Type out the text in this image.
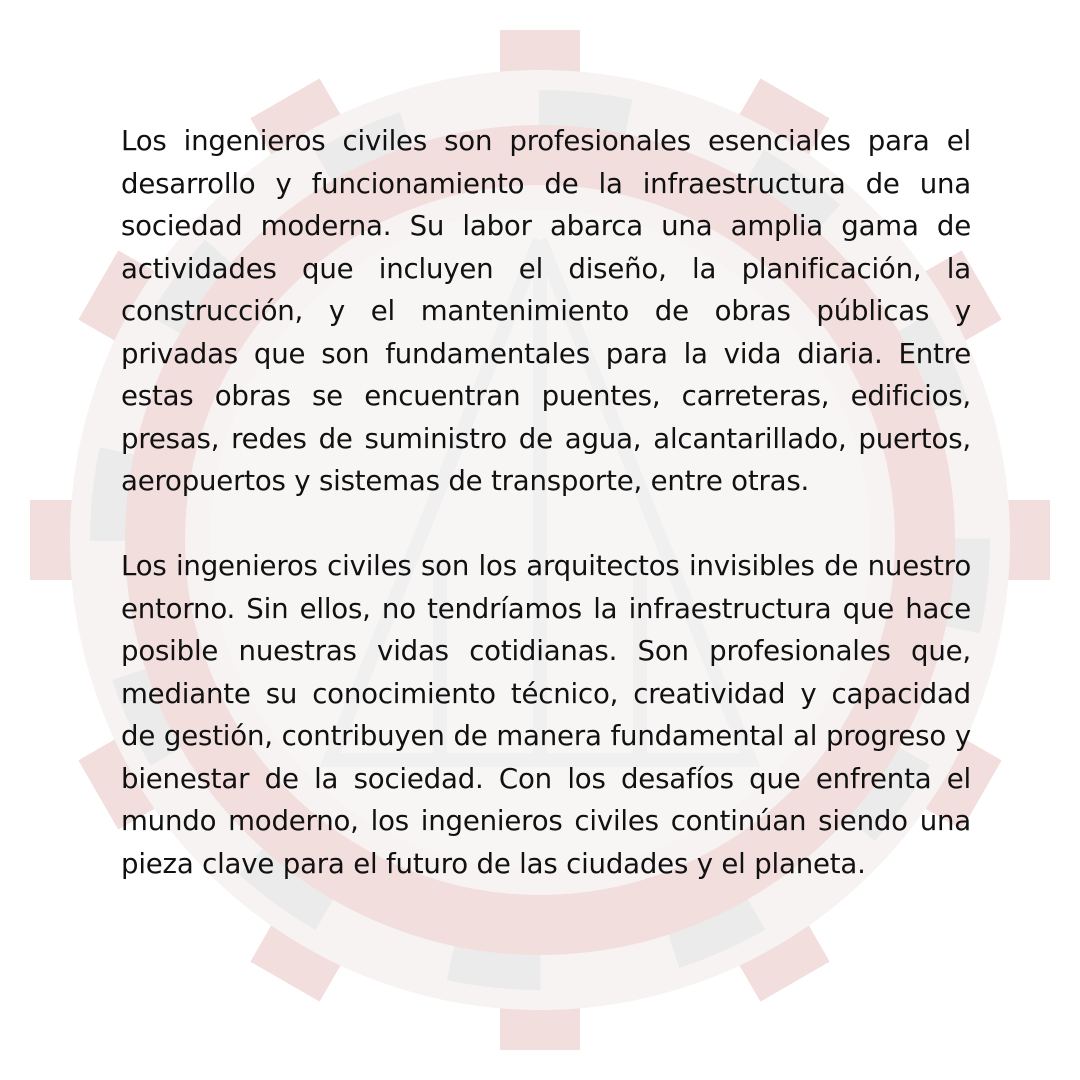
Los ingenieros civiles son profesionales esenciales para el desarrollo y funcionamiento de la infraestructura de una sociedad moderna. Su labor abarca una amplia gama de actividades que incluyen el diseño, la planificación, la construcción, y el mantenimiento de obras públicas y privadas que son fundamentales para la vida diaria. Entre estas obras se encuentran puentes, carreteras, edificios, presas, redes de suministro de agua, alcantarillado, puertos, aeropuertos y sistemas de transporte, entre otras.

Los ingenieros civiles son los arquitectos invisibles de nuestro entorno. Sin ellos, no tendríamos la infraestructura que hace posible nuestras vidas cotidianas. Son profesionales que, mediante su conocimiento técnico, creatividad y capacidad de gestión, contribuyen de manera fundamental al progreso y bienestar de la sociedad. Con los desafíos que enfrenta el mundo moderno, los ingenieros civiles continúan siendo una pieza clave para el futuro de las ciudades y el planeta.
